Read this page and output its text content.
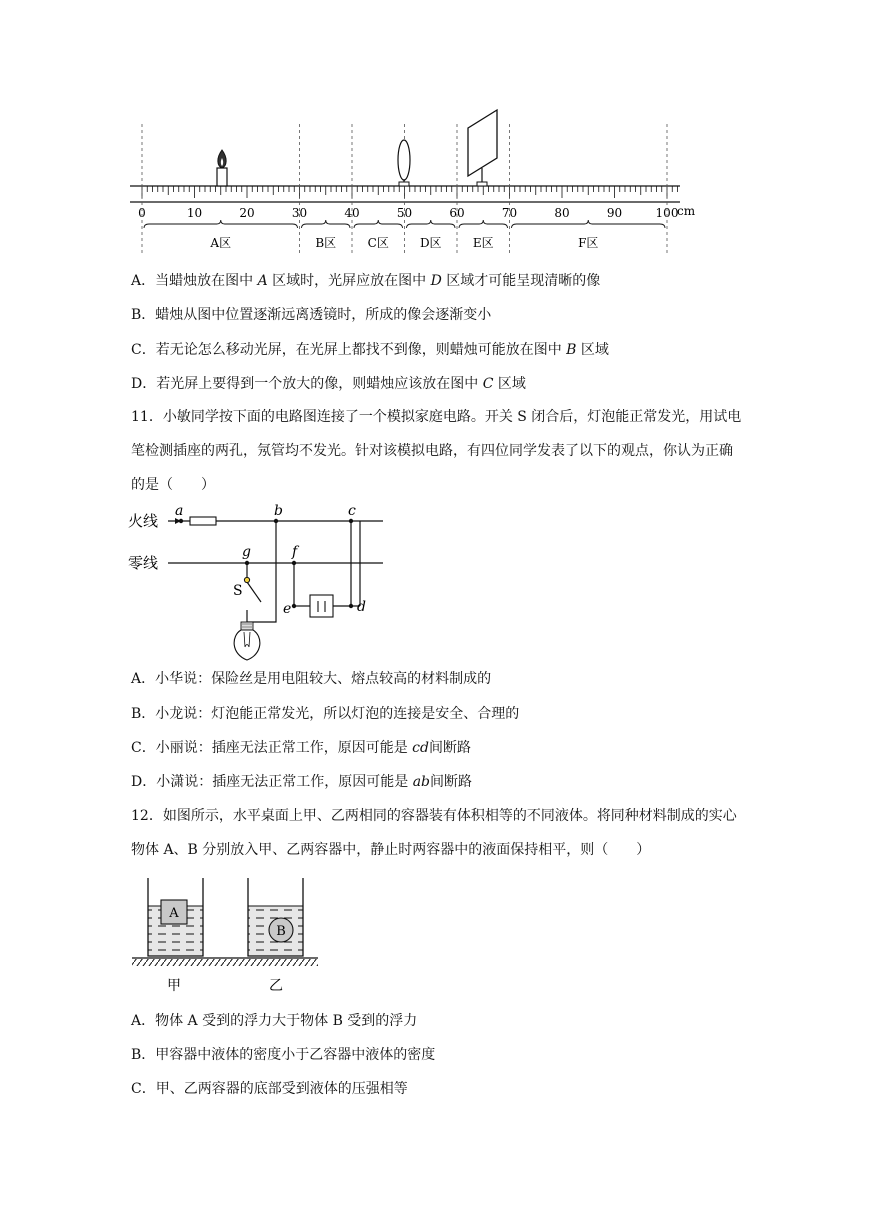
0	10	20	30	40	50	60	70	80	90	100
cm
A区	B区	C区	D区	E区	F区
A．当蜡烛放在图中 A 区域时，光屏应放在图中 D 区域才可能呈现清晰的像
B．蜡烛从图中位置逐渐远离透镜时，所成的像会逐渐变小
C．若无论怎么移动光屏，在光屏上都找不到像，则蜡烛可能放在图中 B 区域
D．若光屏上要得到一个放大的像，则蜡烛应该放在图中 C 区域
11．小敏同学按下面的电路图连接了一个模拟家庭电路。开关 S 闭合后，灯泡能正常发光，用试电笔检测插座的两孔，氖管均不发光。针对该模拟电路，有四位同学发表了以下的观点，你认为正确的是（　　）
火线
零线
S
a	b	c
g	f
e	d
A．小华说：保险丝是用电阻较大、熔点较高的材料制成的
B．小龙说：灯泡能正常发光，所以灯泡的连接是安全、合理的
C．小丽说：插座无法正常工作，原因可能是 cd间断路
D．小潇说：插座无法正常工作，原因可能是 ab间断路
12．如图所示，水平桌面上甲、乙两相同的容器装有体积相等的不同液体。将同种材料制成的实心物体 A、B 分别放入甲、乙两容器中，静止时两容器中的液面保持相平，则（　　）
A
B
甲	乙
A．物体 A 受到的浮力大于物体 B 受到的浮力
B．甲容器中液体的密度小于乙容器中液体的密度
C．甲、乙两容器的底部受到液体的压强相等
